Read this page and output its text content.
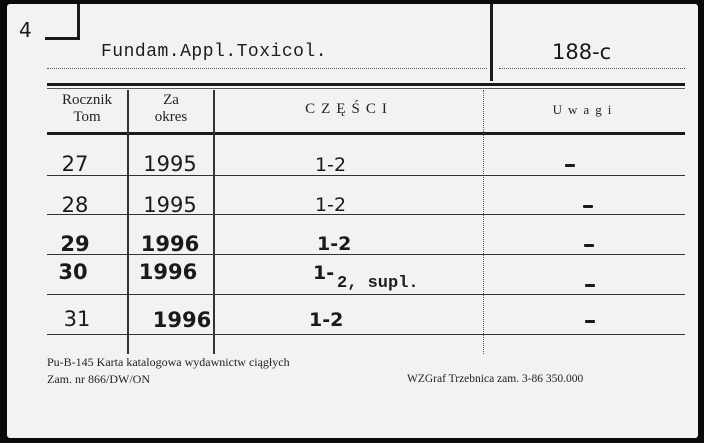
4
Fundam.Appl.Toxicol.	188-c
Rocznik
Tom
Za
okres	CZĘŚCI	Uwagi
27	1995	1-2
28	1995	1-2
29	1996	1-2
30	1996	1- 2, supl.
31	1996	1-2
Pu-B-145 Karta katalogowa wydawnictw ciągłych
Zam. nr 866/DW/ON	WZGraf Trzebnica zam. 3-86 350.000
